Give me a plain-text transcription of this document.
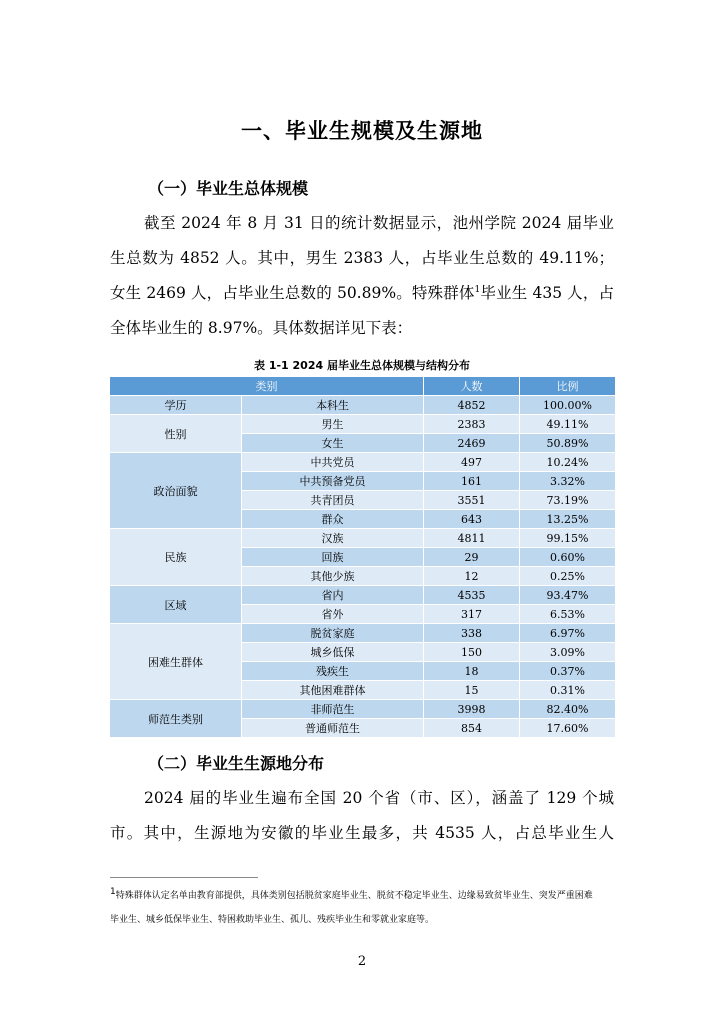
一、毕业生规模及生源地
（一）毕业生总体规模
截至 2024 年 8 月 31 日的统计数据显示，池州学院 2024 届毕业
生总数为 4852 人。其中，男生 2383 人，占毕业生总数的 49.11%；
女生 2469 人，占毕业生总数的 50.89%。特殊群体$^1$毕业生 435 人，占
全体毕业生的 8.97%。具体数据详见下表：
表 1-1 2024 届毕业生总体规模与结构分布
类别		人数	比例
学历	本科生	4852	100.00%
性别	男生	2383	49.11%
	女生	2469	50.89%
政治面貌	中共党员	497	10.24%
	中共预备党员	161	3.32%
	共青团员	3551	73.19%
	群众	643	13.25%
民族	汉族	4811	99.15%
	回族	29	0.60%
	其他少族	12	0.25%
区域	省内	4535	93.47%
	省外	317	6.53%
困难生群体	脱贫家庭	338	6.97%
	城乡低保	150	3.09%
	残疾生	18	0.37%
	其他困难群体	15	0.31%
师范生类别	非师范生	3998	82.40%
	普通师范生	854	17.60%
（二）毕业生生源地分布
2024 届的毕业生遍布全国 20 个省（市、区），涵盖了 129 个城
市。其中，生源地为安徽的毕业生最多，共 4535 人，占总毕业生人
$^1$特殊群体认定名单由教育部提供，具体类别包括脱贫家庭毕业生、脱贫不稳定毕业生、边缘易致贫毕业生、突发严重困难
毕业生、城乡低保毕业生、特困救助毕业生、孤儿、残疾毕业生和零就业家庭等。
2
